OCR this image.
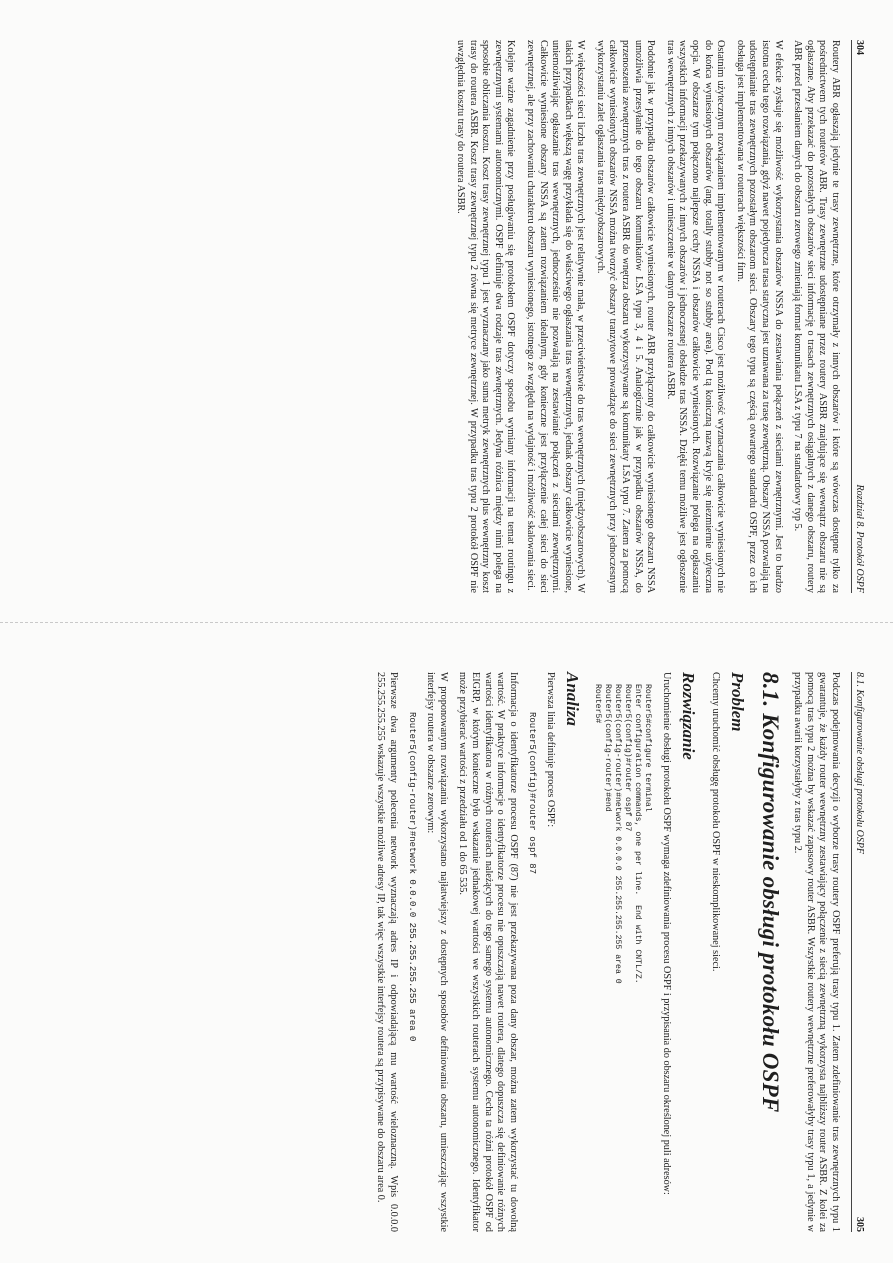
304
Rozdział 8. Protokół OSPF

Routery ABR ogłaszają jedynie te trasy zewnętrzne, które otrzymały z innych obszarów i które są wówczas dostępne tylko za pośrednictwem tych routerów ABR. Trasy zewnętrzne udostępniane przez routery ASBR znajdujące się wewnątrz obszaru nie są ogłaszane. Aby przekazać do pozostałych obszarów sieci informację o trasach zewnętrznych osiągalnych z danego obszaru, routery ABR przed przesłaniem danych do obszaru zerowego zmieniają format komunikatu LSA z typu 7 na standardowy typ 5.

W efekcie zyskuje się możliwość wykorzystania obszarów NSSA do zestawiania połączeń z sieciami zewnętrznymi. Jest to bardzo istotna cecha tego rozwiązania, gdyż nawet pojedyncza trasa statyczna jest uznawana za trasę zewnętrzną. Obszary NSSA pozwalają na udostępnianie tras zewnętrznych pozostałym obszarom sieci. Obszary tego typu są częścią otwartego standardu OSPF, przez co ich obsługa jest implementowana w routerach większości firm.

Ostatnim użytecznym rozwiązaniem implementowanym w routerach Cisco jest możliwość wyznaczania całkowicie wyniesionych nie do końca wyniesionych obszarów (ang. totally stubby not so stubby area). Pod tą koniczną nazwą kryje się niezmiernie użyteczna opcja. W obszarze tym połączono najlepsze cechy NSSA i obszarów całkowicie wyniesionych. Rozwiązanie polega na ogłaszaniu wszystkich informacji przekazywanych z innych obszarów i jednoczesnej obsłudze tras NSSA. Dzięki temu możliwe jest ogłoszenie tras wewnętrznych z innych obszarów i umieszczenie w danym obszarze routera ASBR.

Podobnie jak w przypadku obszarów całkowicie wyniesionych, router ABR przyłączony do całkowicie wyniesionego obszaru NSSA umożliwia przesyłanie do tego obszaru komunikatów LSA typu 3, 4 i 5. Analogicznie jak w przypadku obszarów NSSA, do przenoszenia zewnętrznych tras z routera ASBR do wnętrza obszaru wykorzystywane są komunikaty LSA typu 7. Zatem za pomocą całkowicie wyniesionych obszarów NSSA można tworzyć obszary tranzytowe prowadzące do sieci zewnętrznych przy jednoczesnym wykorzystaniu zalet ogłaszania tras międzyobszarowych.

W większości sieci liczba tras zewnętrznych jest relatywnie mała, w przeciwieństwie do tras wewnętrznych (międzyobszarowych). W takich przypadkach większą wagę przykłada się do właściwego ogłaszania tras wewnętrznych, jednak obszary całkowicie wyniesione, uniemożliwiając ogłaszanie tras wewnętrznych, jednocześnie nie pozwalają na zestawianie połączeń z sieciami zewnętrznymi. Całkowicie wyniesione obszary NSSA są zatem rozwiązaniem idealnym, gdy konieczne jest przyłączenie całej sieci do sieci zewnętrznej, ale przy zachowaniu charakteru obszaru wyniesionego, istotnego ze względu na wydajność i możliwość skalowania sieci.

Kolejne ważne zagadnienie przy posługiwaniu się protokołem OSPF dotyczy sposobu wymiany informacji na temat routingu z zewnętrznymi systemami autonomicznymi. OSPF definiuje dwa rodzaje tras zewnętrznych. Jedyna różnica między nimi polega na sposobie obliczania kosztu. Koszt trasy zewnętrznej typu 1 jest wyznaczany jako suma metryk zewnętrznych plus wewnętrzny koszt trasy do routera ASBR. Koszt trasy zewnętrznej typu 2 równa się metryce zewnętrznej. W przypadku tras typu 2 protokół OSPF nie uwzględnia kosztu trasy do routera ASBR.

8.1. Konfigurowanie obsługi protokołu OSPF
305

Podczas podejmowania decyzji o wyborze trasy routery OSPF preferują trasy typu 1. Zatem zdefiniowanie tras zewnętrznych typu 1 gwarantuje, że każdy router wewnętrzny zestawiający połączenie z siecią zewnętrzną wykorzysta najbliższy router ASBR. Z kolei za pomocą tras typu 2 można by wskazać zapasowy router ASBR. Wszystkie routery wewnętrzne preferowałyby trasy typu 1, a jedynie w przypadku awarii korzystałyby z tras typu 2.

8.1. Konfigurowanie obsługi protokołu OSPF
Problem

Chcemy uruchomić obsługę protokołu OSPF w nieskomplikowanej sieci.

Rozwiązanie

Uruchomienie obsługi protokołu OSPF wymaga zdefiniowania procesu OSPF i przypisania do obszaru określonej puli adresów:

Router5#configure terminal
Enter configuration commands, one per line.  End with CNTL/Z.
Router5(config)#router ospf 87
Router5(config-router)#network 0.0.0.0 255.255.255.255 area 0
Router5(config-router)#end
Router5#
Analiza

Pierwsza linia definiuje proces OSPF:

Router5(config)#router ospf 87

Informacja o identyfikatorze procesu OSPF (87) nie jest przekazywana poza dany obszar, można zatem wykorzystać tu dowolną wartość. W praktyce informacje o identyfikatorze procesu nie opuszczają nawet routera, dlatego dopuszcza się definiowanie różnych wartości identyfikatora w różnych routerach należących do tego samego systemu autonomicznego. Cecha ta różni protokół OSPF od EIGRP, w którym konieczne było wskazanie jednakowej wartości we wszystkich routerach systemu autonomicznego. Identyfikator może przybierać wartości z przedziału od 1 do 65 535.

W proponowanym rozwiązaniu wykorzystano najłatwiejszy z dostępnych sposobów definiowania obszaru, umieszczając wszystkie interfejsy routera w obszarze zerowym:

Router5(config-router)#network 0.0.0.0 255.255.255.255 area 0

Pierwsze dwa argumenty polecenia network wyznaczają adres IP i odpowiadającą mu wartość wieloznaczną. Wpis 0.0.0.0 255.255.255.255 wskazuje wszystkie możliwe adresy IP, tak więc wszystkie interfejsy routera są przypisywane do obszaru area 0.
